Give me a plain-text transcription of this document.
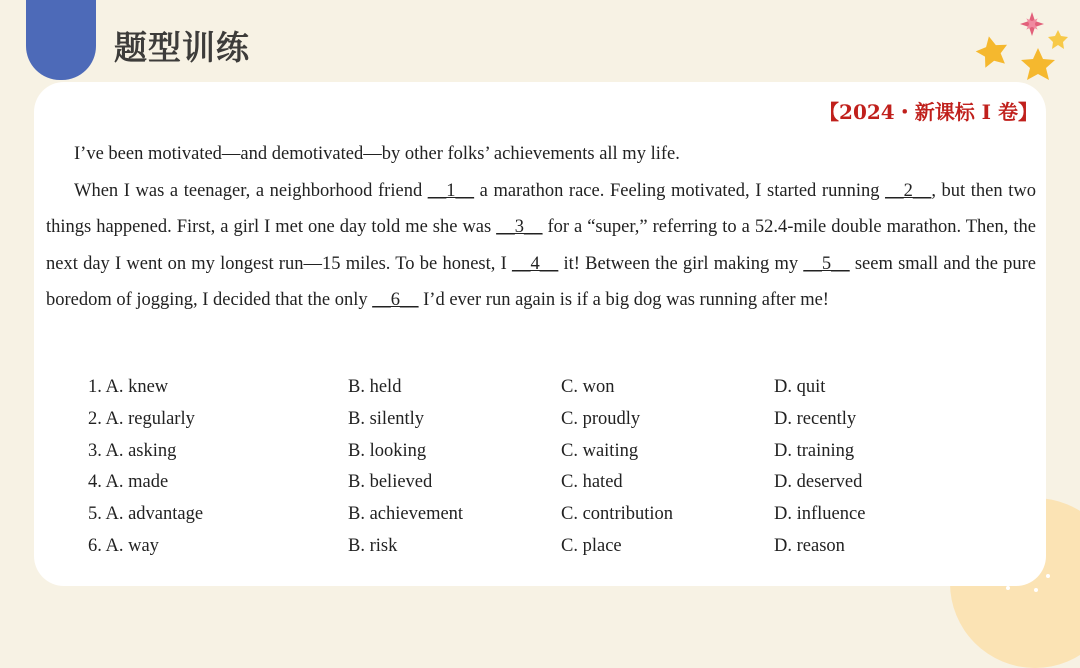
题型训练
【2024・新课标 I 卷】

I’ve been motivated—and demotivated—by other folks’ achievements all my life.

When I was a teenager, a neighborhood friend __1__ a marathon race. Feeling motivated, I started running __2__, but then two things happened. First, a girl I met one day told me she was __3__ for a “super,” referring to a 52.4-mile double marathon. Then, the next day I went on my longest run—15 miles. To be honest, I __4__ it! Between the girl making my __5__ seem small and the pure boredom of jogging, I decided that the only __6__ I’d ever run again is if a big dog was running after me!

1. A. knew	B. held	C. won	D. quit
2. A. regularly	B. silently	C. proudly	D. recently
3. A. asking	B. looking	C. waiting	D. training
4. A. made	B. believed	C. hated	D. deserved
5. A. advantage	B. achievement	C. contribution	D. influence
6. A. way	B. risk	C. place	D. reason
